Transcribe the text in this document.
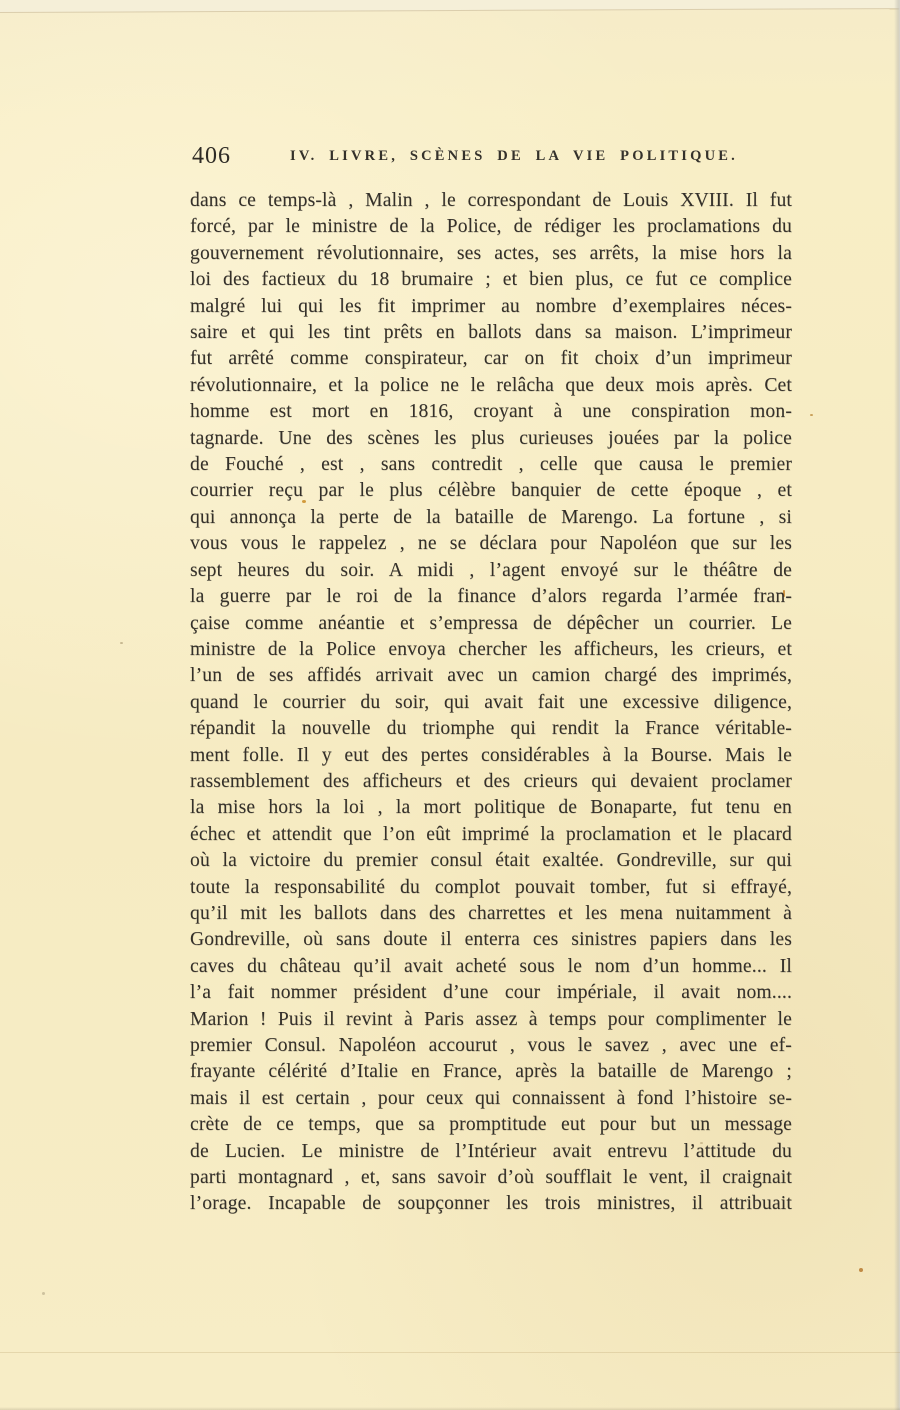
406	IV. LIVRE, SCÈNES DE LA VIE POLITIQUE.
dans ce temps-là , Malin , le correspondant de Louis XVIII. Il fut
forcé, par le ministre de la Police, de rédiger les proclamations du
gouvernement révolutionnaire, ses actes, ses arrêts, la mise hors la
loi des factieux du 18 brumaire ; et bien plus, ce fut ce complice
malgré lui qui les fit imprimer au nombre d’exemplaires néces-
saire et qui les tint prêts en ballots dans sa maison. L’imprimeur
fut arrêté comme conspirateur, car on fit choix d’un imprimeur
révolutionnaire, et la police ne le relâcha que deux mois après. Cet
homme est mort en 1816, croyant à une conspiration mon-
tagnarde. Une des scènes les plus curieuses jouées par la police
de Fouché , est , sans contredit , celle que causa le premier
courrier reçu par le plus célèbre banquier de cette époque , et
qui annonça la perte de la bataille de Marengo. La fortune , si
vous vous le rappelez , ne se déclara pour Napoléon que sur les
sept heures du soir. A midi , l’agent envoyé sur le théâtre de
la guerre par le roi de la finance d’alors regarda l’armée fran-
çaise comme anéantie et s’empressa de dépêcher un courrier. Le
ministre de la Police envoya chercher les afficheurs, les crieurs, et
l’un de ses affidés arrivait avec un camion chargé des imprimés,
quand le courrier du soir, qui avait fait une excessive diligence,
répandit la nouvelle du triomphe qui rendit la France véritable-
ment folle. Il y eut des pertes considérables à la Bourse. Mais le
rassemblement des afficheurs et des crieurs qui devaient proclamer
la mise hors la loi , la mort politique de Bonaparte, fut tenu en
échec et attendit que l’on eût imprimé la proclamation et le placard
où la victoire du premier consul était exaltée. Gondreville, sur qui
toute la responsabilité du complot pouvait tomber, fut si effrayé,
qu’il mit les ballots dans des charrettes et les mena nuitamment à
Gondreville, où sans doute il enterra ces sinistres papiers dans les
caves du château qu’il avait acheté sous le nom d’un homme... Il
l’a fait nommer président d’une cour impériale, il avait nom....
Marion ! Puis il revint à Paris assez à temps pour complimenter le
premier Consul. Napoléon accourut , vous le savez , avec une ef-
frayante célérité d’Italie en France, après la bataille de Marengo ;
mais il est certain , pour ceux qui connaissent à fond l’histoire se-
crète de ce temps, que sa promptitude eut pour but un message
de Lucien. Le ministre de l’Intérieur avait entrevu l’attitude du
parti montagnard , et, sans savoir d’où soufflait le vent, il craignait
l’orage. Incapable de soupçonner les trois ministres, il attribuait
